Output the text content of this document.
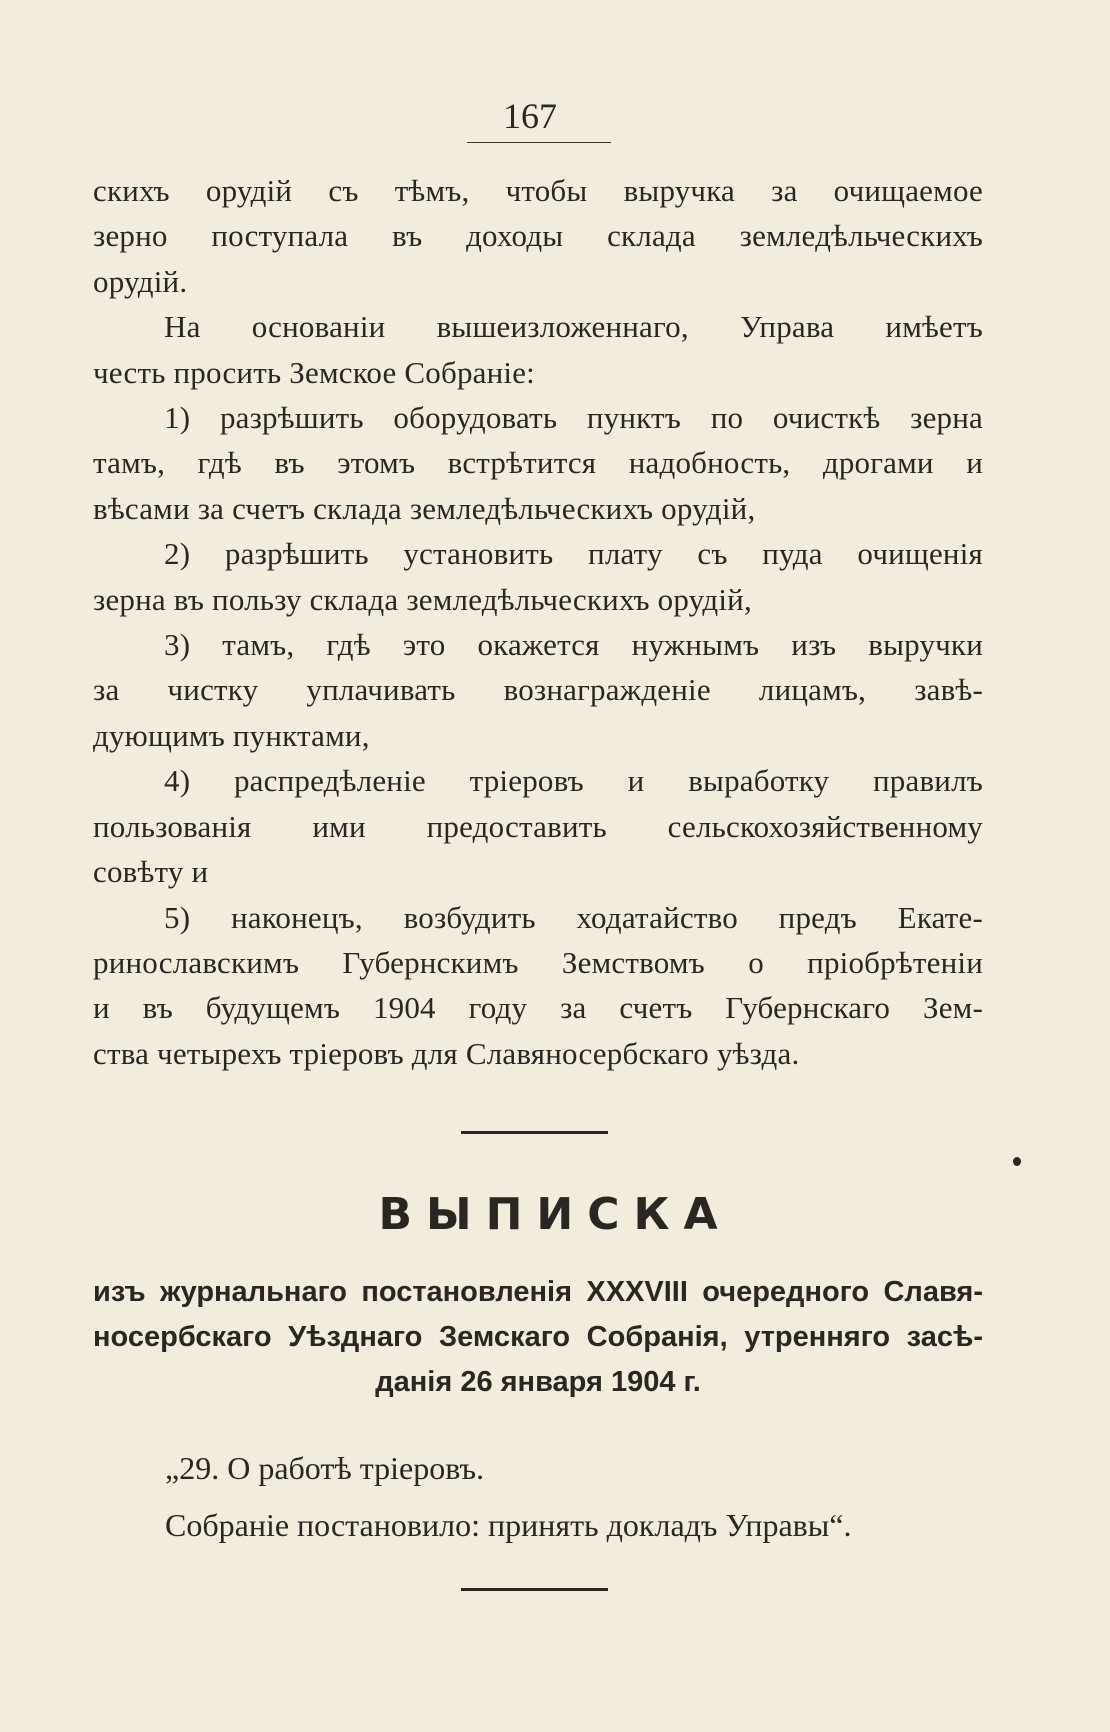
167
скихъ орудій съ тѣмъ, чтобы выручка за очищаемое
зерно поступала въ доходы склада земледѣльческихъ
орудій.
На основаніи вышеизложеннаго, Управа имѣетъ
честь просить Земское Собраніе:
1) разрѣшить оборудовать пунктъ по очисткѣ зерна
тамъ, гдѣ въ этомъ встрѣтится надобность, дрогами и
вѣсами за счетъ склада земледѣльческихъ орудій,
2) разрѣшить установить плату съ пуда очищенія
зерна въ пользу склада земледѣльческихъ орудій,
3) тамъ, гдѣ это окажется нужнымъ изъ выручки
за чистку уплачивать вознагражденіе лицамъ, завѣ-
дующимъ пунктами,
4) распредѣленіе тріеровъ и выработку правилъ
пользованія ими предоставить сельскохозяйственному
совѣту и
5) наконецъ, возбудить ходатайство предъ Екате-
ринославскимъ Губернскимъ Земствомъ о пріобрѣтеніи
и въ будущемъ 1904 году за счетъ Губернскаго Зем-
ства четырехъ тріеровъ для Славяносербскаго уѣзда.
ВЫПИСКА
изъ журнальнаго постановленія XXXVIII очередного Славя-
носербскаго Уѣзднаго Земскаго Собранія, утренняго засѣ-
данія 26 января 1904 г.
„29. О работѣ тріеровъ.
Собраніе постановило: принять докладъ Управы“.
